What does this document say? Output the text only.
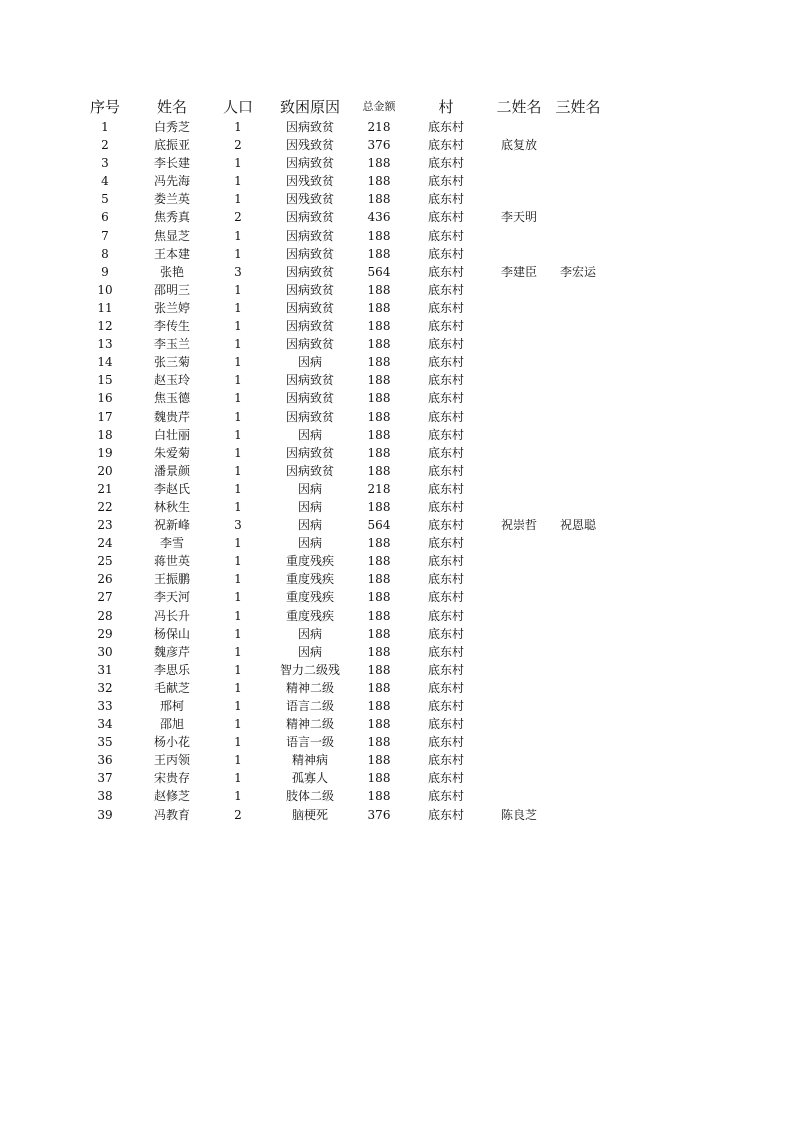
序号	姓名	人口	致困原因	总金额	村	二姓名	三姓名
1	白秀芝	1	因病致贫	218	底东村		
2	底振亚	2	因残致贫	376	底东村	底复放	
3	李长建	1	因病致贫	188	底东村		
4	冯先海	1	因残致贫	188	底东村		
5	娄兰英	1	因残致贫	188	底东村		
6	焦秀真	2	因病致贫	436	底东村	李天明	
7	焦显芝	1	因病致贫	188	底东村		
8	王本建	1	因病致贫	188	底东村		
9	张艳	3	因病致贫	564	底东村	李建臣	李宏运
10	邵明三	1	因病致贫	188	底东村		
11	张兰婷	1	因病致贫	188	底东村		
12	李传生	1	因病致贫	188	底东村		
13	李玉兰	1	因病致贫	188	底东村		
14	张三菊	1	因病	188	底东村		
15	赵玉玲	1	因病致贫	188	底东村		
16	焦玉德	1	因病致贫	188	底东村		
17	魏贵芹	1	因病致贫	188	底东村		
18	白壮丽	1	因病	188	底东村		
19	朱爱菊	1	因病致贫	188	底东村		
20	潘景颜	1	因病致贫	188	底东村		
21	李赵氏	1	因病	218	底东村		
22	林秋生	1	因病	188	底东村		
23	祝新峰	3	因病	564	底东村	祝崇哲	祝恩聪
24	李雪	1	因病	188	底东村		
25	蒋世英	1	重度残疾	188	底东村		
26	王振鹏	1	重度残疾	188	底东村		
27	李天河	1	重度残疾	188	底东村		
28	冯长升	1	重度残疾	188	底东村		
29	杨保山	1	因病	188	底东村		
30	魏彦芹	1	因病	188	底东村		
31	李思乐	1	智力二级残	188	底东村		
32	毛献芝	1	精神二级	188	底东村		
33	邢柯	1	语言二级	188	底东村		
34	邵旭	1	精神二级	188	底东村		
35	杨小花	1	语言一级	188	底东村		
36	王丙领	1	精神病	188	底东村		
37	宋贵存	1	孤寡人	188	底东村		
38	赵修芝	1	肢体二级	188	底东村		
39	冯教育	2	脑梗死	376	底东村	陈良芝	
